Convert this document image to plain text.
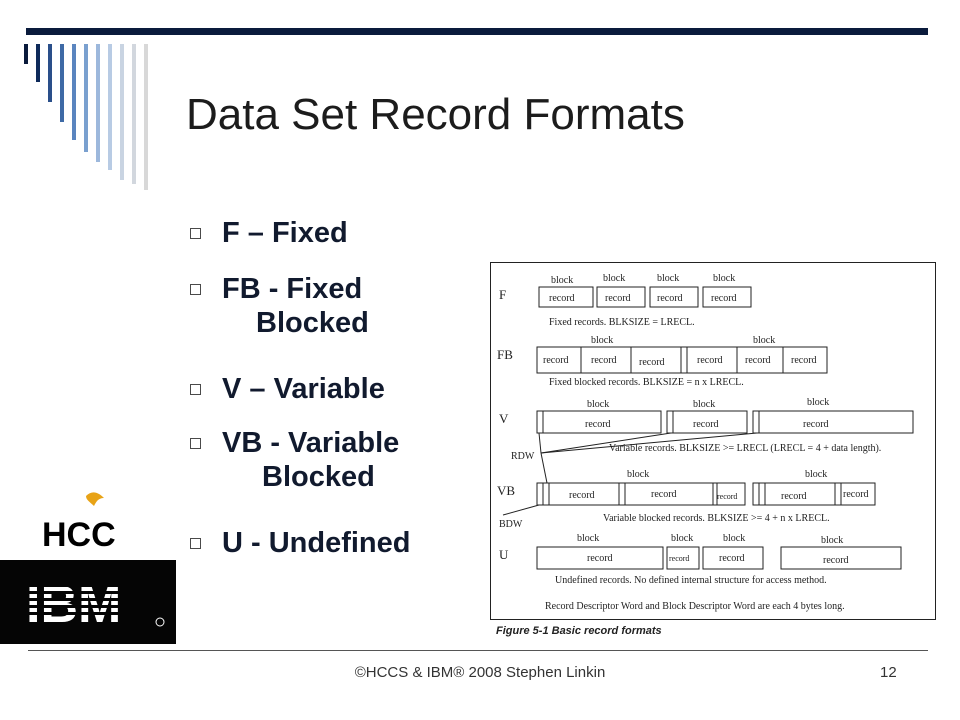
Data Set Record Formats
F – Fixed
FB - Fixed
Blocked
V – Variable
VB - Variable
Blocked
U - Undefined
F
FB
V
VB
U
RDW
BDW
block	block	block	block
block	block
block	block	block
block	block
block	block	block	block
record	record	record	record
record record record	record record record
record	record	record
record	record	record	record	record
record	record	record	record
Fixed records. BLKSIZE = LRECL.
Fixed blocked records. BLKSIZE = n x LRECL.
Variable records. BLKSIZE >= LRECL (LRECL = 4 + data length).
Variable blocked records. BLKSIZE >= 4 + n x LRECL.
Undefined records. No defined internal structure for access method.
Record Descriptor Word and Block Descriptor Word are each 4 bytes long.
Figure 5-1 Basic record formats
HCC
©HCCS & IBM® 2008 Stephen Linkin	12
